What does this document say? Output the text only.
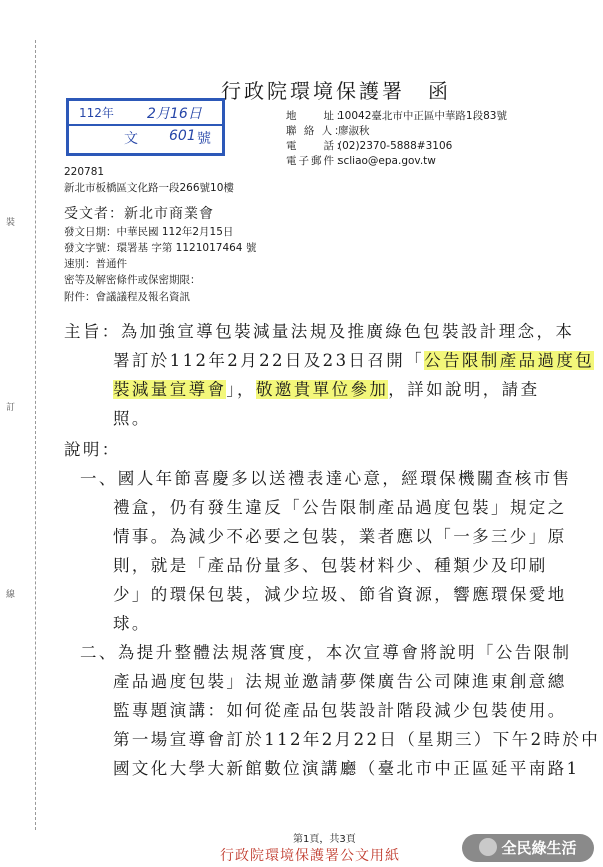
裝
訂
線
行政院環境保護署　函
112年 2月16日
文 601 號
地　　址：10042臺北市中正區中華路1段83號
聯 絡 人：廖淑秋
電　　話：(02)2370-5888#3106
電子郵件：scliao@epa.gov.tw
220781
新北市板橋區文化路一段266號10樓
受文者：新北市商業會
發文日期：中華民國 112年2月15日
發文字號：環署基 字第 1121017464 號
速別：普通件
密等及解密條件或保密期限：
附件：會議議程及報名資訊
主旨：為加強宣導包裝減量法規及推廣綠色包裝設計理念，本
署訂於112年2月22日及23日召開「公告限制產品過度包
裝減量宣導會」，敬邀貴單位參加，詳如說明，請查
照。
說明：
一、國人年節喜慶多以送禮表達心意，經環保機關查核市售
禮盒，仍有發生違反「公告限制產品過度包裝」規定之
情事。為減少不必要之包裝，業者應以「一多三少」原
則，就是「產品份量多、包裝材料少、種類少及印刷
少」的環保包裝，減少垃圾、節省資源，響應環保愛地
球。
二、為提升整體法規落實度，本次宣導會將說明「公告限制
產品過度包裝」法規並邀請夢傑廣告公司陳進東創意總
監專題演講：如何從產品包裝設計階段減少包裝使用。
第一場宣導會訂於112年2月22日（星期三）下午2時於中
國文化大學大新館數位演講廳（臺北市中正區延平南路1
第1頁，共3頁
行政院環境保護署公文用紙	全民綠生活
